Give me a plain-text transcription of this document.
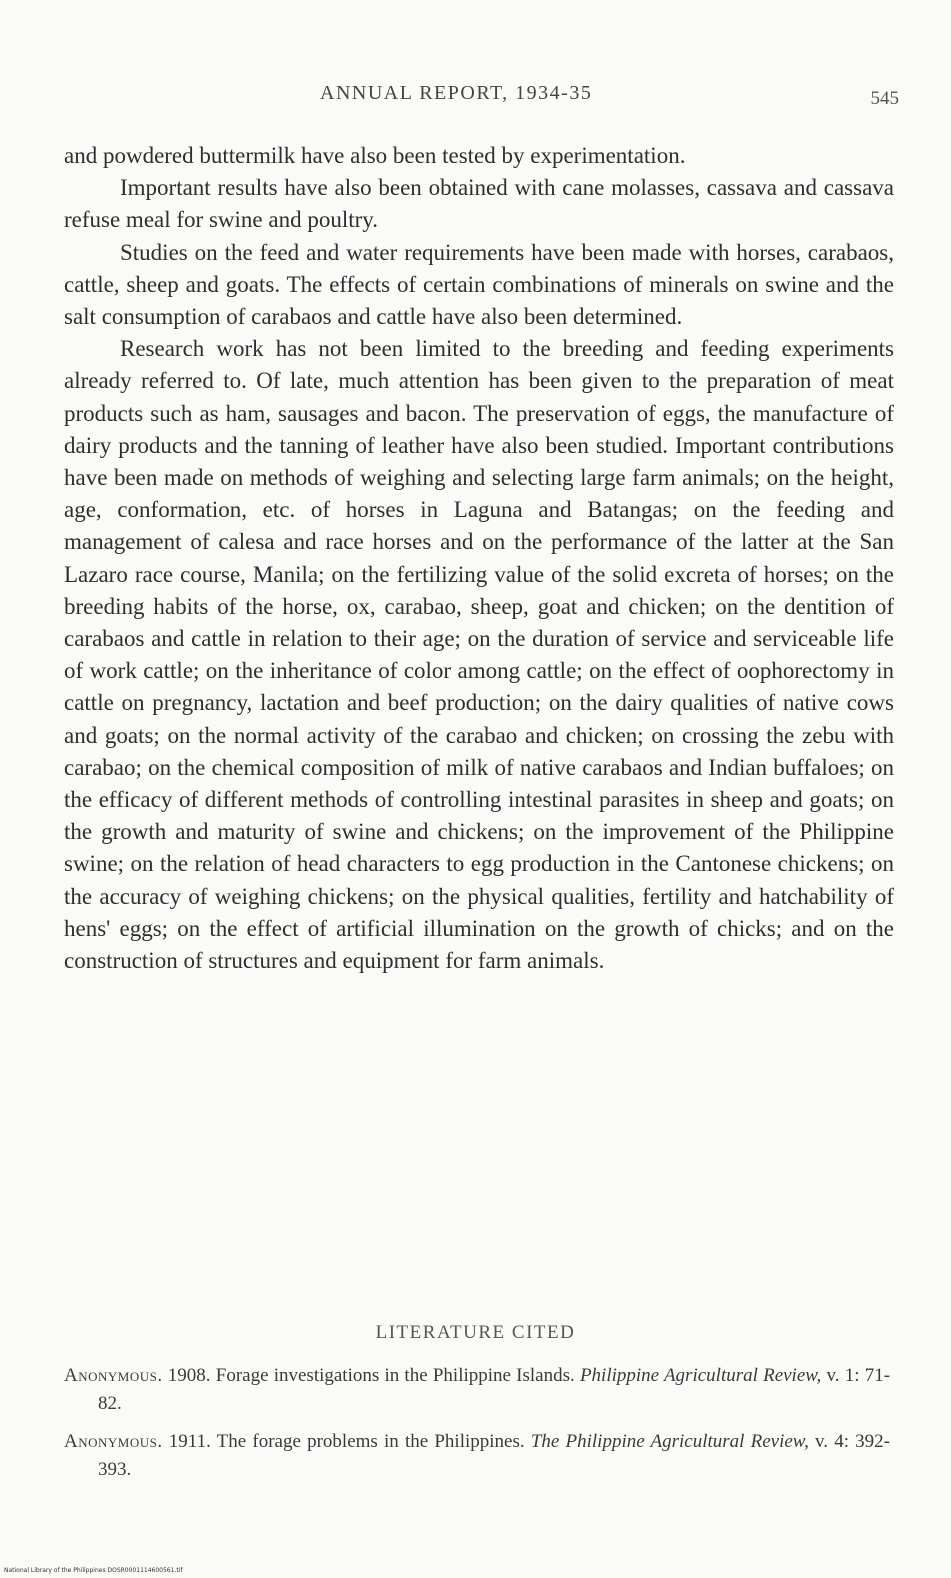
ANNUAL REPORT, 1934-35	545

and powdered buttermilk have also been tested by experimentation.

Important results have also been obtained with cane molasses, cassava and cassava refuse meal for swine and poultry.

Studies on the feed and water requirements have been made with horses, carabaos, cattle, sheep and goats. The effects of certain combinations of minerals on swine and the salt consumption of carabaos and cattle have also been determined.

Research work has not been limited to the breeding and feeding experiments already referred to. Of late, much attention has been given to the preparation of meat products such as ham, sausages and bacon. The preservation of eggs, the manufacture of dairy products and the tanning of leather have also been studied. Important contributions have been made on methods of weighing and selecting large farm animals; on the height, age, conformation, etc. of horses in Laguna and Batangas; on the feeding and management of calesa and race horses and on the performance of the latter at the San Lazaro race course, Manila; on the fertilizing value of the solid excreta of horses; on the breeding habits of the horse, ox, carabao, sheep, goat and chicken; on the dentition of carabaos and cattle in relation to their age; on the duration of service and serviceable life of work cattle; on the inheritance of color among cattle; on the effect of oophorectomy in cattle on pregnancy, lactation and beef production; on the dairy qualities of native cows and goats; on the normal activity of the carabao and chicken; on crossing the zebu with carabao; on the chemical composition of milk of native carabaos and Indian buffaloes; on the efficacy of different methods of controlling intestinal parasites in sheep and goats; on the growth and maturity of swine and chickens; on the improvement of the Philippine swine; on the relation of head characters to egg production in the Cantonese chickens; on the accuracy of weighing chickens; on the physical qualities, fertility and hatchability of hens' eggs; on the effect of artificial illumination on the growth of chicks; and on the construction of structures and equipment for farm animals.

LITERATURE CITED

Anonymous. 1908. Forage investigations in the Philippine Islands. Philippine Agricultural Review, v. 1: 71-82.

Anonymous. 1911. The forage problems in the Philippines. The Philippine Agricultural Review, v. 4: 392-393.

National Library of the Philippines DOSR0001114600561.tif
